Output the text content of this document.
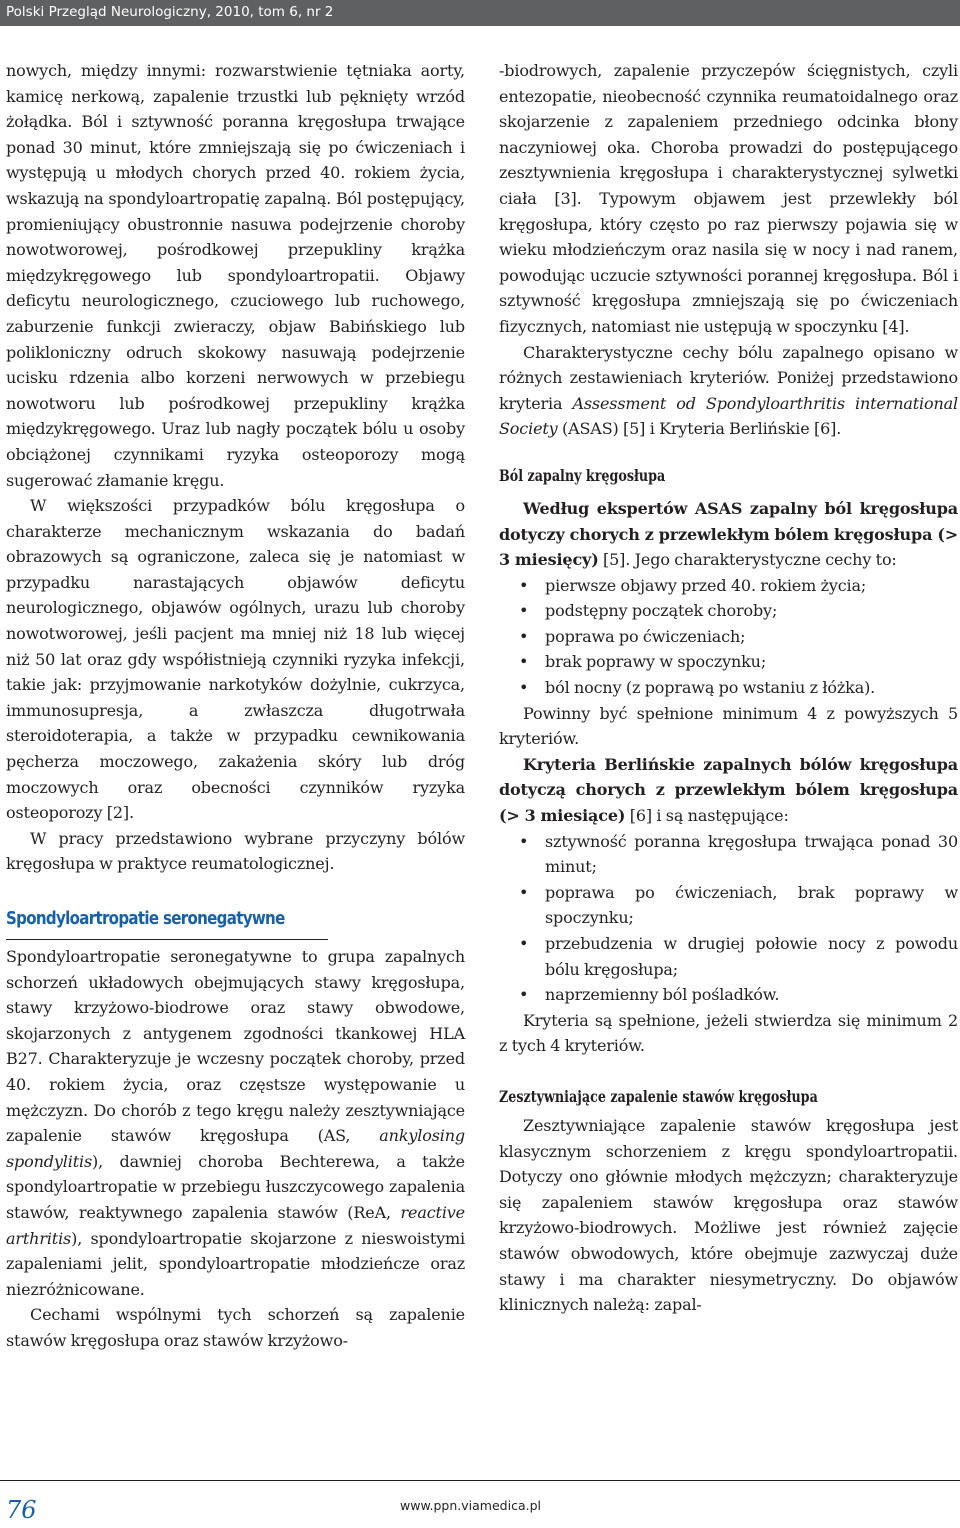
Polski Przegląd Neurologiczny, 2010, tom 6, nr 2

nowych, między innymi: rozwarstwienie tętniaka aorty, kamicę nerkową, zapalenie trzustki lub pęknięty wrzód żołądka. Ból i sztywność poranna kręgosłupa trwające ponad 30 minut, które zmniejszają się po ćwiczeniach i występują u młodych chorych przed 40. rokiem życia, wskazują na spondyloartropatię zapalną. Ból postępujący, promieniujący obustronnie nasuwa podejrzenie choroby nowotworowej, pośrodkowej przepukliny krążka międzykręgowego lub spondyloartropatii. Objawy deficytu neurologicznego, czuciowego lub ruchowego, zaburzenie funkcji zwieraczy, objaw Babińskiego lub polikloniczny odruch skokowy nasuwają podejrzenie ucisku rdzenia albo korzeni nerwowych w przebiegu nowotworu lub pośrodkowej przepukliny krążka międzykręgowego. Uraz lub nagły początek bólu u osoby obciążonej czynnikami ryzyka osteoporozy mogą sugerować złamanie kręgu.

W większości przypadków bólu kręgosłupa o charakterze mechanicznym wskazania do badań obrazowych są ograniczone, zaleca się je natomiast w przypadku narastających objawów deficytu neurologicznego, objawów ogólnych, urazu lub choroby nowotworowej, jeśli pacjent ma mniej niż 18 lub więcej niż 50 lat oraz gdy współistnieją czynniki ryzyka infekcji, takie jak: przyjmowanie narkotyków dożylnie, cukrzyca, immunosupresja, a zwłaszcza długotrwała steroidoterapia, a także w przypadku cewnikowania pęcherza moczowego, zakażenia skóry lub dróg moczowych oraz obecności czynników ryzyka osteoporozy [2].

W pracy przedstawiono wybrane przyczyny bólów kręgosłupa w praktyce reumatologicznej.

Spondyloartropatie seronegatywne

Spondyloartropatie seronegatywne to grupa zapalnych schorzeń układowych obejmujących stawy kręgosłupa, stawy krzyżowo-biodrowe oraz stawy obwodowe, skojarzonych z antygenem zgodności tkankowej HLA B27. Charakteryzuje je wczesny początek choroby, przed 40. rokiem życia, oraz częstsze występowanie u mężczyzn. Do chorób z tego kręgu należy zesztywniające zapalenie stawów kręgosłupa (AS, ankylosing spondylitis), dawniej choroba Bechterewa, a także spondyloartropatie w przebiegu łuszczycowego zapalenia stawów, reaktywnego zapalenia stawów (ReA, reactive arthritis), spondyloartropatie skojarzone z nieswoistymi zapaleniami jelit, spondyloartropatie młodzieńcze oraz niezróżnicowane.

Cechami wspólnymi tych schorzeń są zapalenie stawów kręgosłupa oraz stawów krzyżowo-

-biodrowych, zapalenie przyczepów ścięgnistych, czyli entezopatie, nieobecność czynnika reumatoidalnego oraz skojarzenie z zapaleniem przedniego odcinka błony naczyniowej oka. Choroba prowadzi do postępującego zesztywnienia kręgosłupa i charakterystycznej sylwetki ciała [3]. Typowym objawem jest przewlekły ból kręgosłupa, który często po raz pierwszy pojawia się w wieku młodzieńczym oraz nasila się w nocy i nad ranem, powodując uczucie sztywności porannej kręgosłupa. Ból i sztywność kręgosłupa zmniejszają się po ćwiczeniach fizycznych, natomiast nie ustępują w spoczynku [4].

Charakterystyczne cechy bólu zapalnego opisano w różnych zestawieniach kryteriów. Poniżej przedstawiono kryteria Assessment od Spondyloarthritis international Society (ASAS) [5] i Kryteria Berlińskie [6].

Ból zapalny kręgosłupa

Według ekspertów ASAS zapalny ból kręgosłupa dotyczy chorych z przewlekłym bólem kręgosłupa (> 3 miesięcy) [5]. Jego charakterystyczne cechy to:

• pierwsze objawy przed 40. rokiem życia;
• podstępny początek choroby;
• poprawa po ćwiczeniach;
• brak poprawy w spoczynku;
• ból nocny (z poprawą po wstaniu z łóżka).

Powinny być spełnione minimum 4 z powyższych 5 kryteriów.

Kryteria Berlińskie zapalnych bólów kręgosłupa dotyczą chorych z przewlekłym bólem kręgosłupa (> 3 miesiące) [6] i są następujące:

• sztywność poranna kręgosłupa trwająca ponad 30 minut;
• poprawa po ćwiczeniach, brak poprawy w spoczynku;
• przebudzenia w drugiej połowie nocy z powodu bólu kręgosłupa;
• naprzemienny ból pośladków.

Kryteria są spełnione, jeżeli stwierdza się minimum 2 z tych 4 kryteriów.

Zesztywniające zapalenie stawów kręgosłupa

Zesztywniające zapalenie stawów kręgosłupa jest klasycznym schorzeniem z kręgu spondyloartropatii. Dotyczy ono głównie młodych mężczyzn; charakteryzuje się zapaleniem stawów kręgosłupa oraz stawów krzyżowo-biodrowych. Możliwe jest również zajęcie stawów obwodowych, które obejmuje zazwyczaj duże stawy i ma charakter niesymetryczny. Do objawów klinicznych należą: zapal-

76	www.ppn.viamedica.pl
